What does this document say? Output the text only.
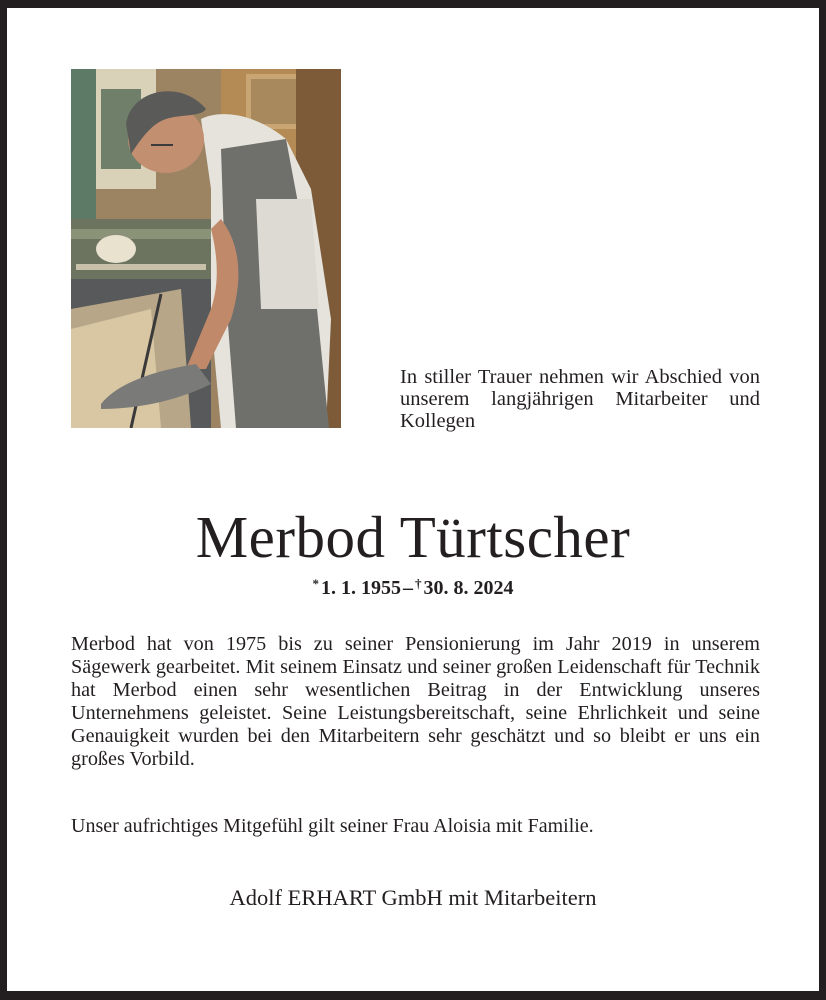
In stiller Trauer nehmen wir Abschied von unserem langjährigen Mitarbeiter und Kollegen
Merbod Türtscher
* 1. 1. 1955 – † 30. 8. 2024
Merbod hat von 1975 bis zu seiner Pensionierung im Jahr 2019 in unserem Sägewerk gearbeitet. Mit seinem Einsatz und seiner großen Leidenschaft für Technik hat Merbod einen sehr wesentlichen Beitrag in der Entwicklung unseres Unternehmens geleistet. Seine Leistungsbereitschaft, seine Ehrlichkeit und seine Genauigkeit wurden bei den Mitarbeitern sehr geschätzt und so bleibt er uns ein großes Vorbild.
Unser aufrichtiges Mitgefühl gilt seiner Frau Aloisia mit Familie.
Adolf ERHART GmbH mit Mitarbeitern
